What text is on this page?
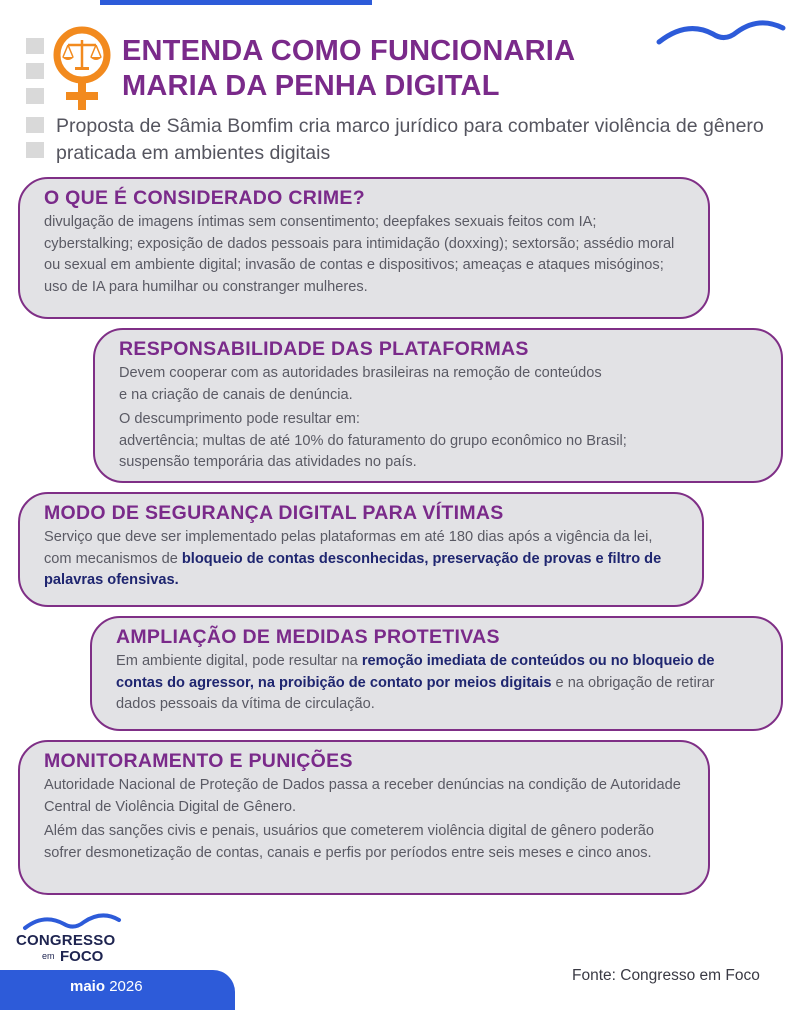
ENTENDA COMO FUNCIONARIA
MARIA DA PENHA DIGITAL

Proposta de Sâmia Bomfim cria marco jurídico para combater violência de gênero praticada em ambientes digitais

O QUE É CONSIDERADO CRIME?

divulgação de imagens íntimas sem consentimento; deepfakes sexuais feitos com IA; cyberstalking; exposição de dados pessoais para intimidação (doxxing); sextorsão; assédio moral ou sexual em ambiente digital; invasão de contas e dispositivos; ameaças e ataques misóginos; uso de IA para humilhar ou constranger mulheres.

RESPONSABILIDADE DAS PLATAFORMAS

Devem cooperar com as autoridades brasileiras na remoção de conteúdos
e na criação de canais de denúncia.

O descumprimento pode resultar em:
advertência; multas de até 10% do faturamento do grupo econômico no Brasil;
suspensão temporária das atividades no país.

MODO DE SEGURANÇA DIGITAL PARA VÍTIMAS

Serviço que deve ser implementado pelas plataformas em até 180 dias após a vigência da lei, com mecanismos de bloqueio de contas desconhecidas, preservação de provas e filtro de palavras ofensivas.

AMPLIAÇÃO DE MEDIDAS PROTETIVAS

Em ambiente digital, pode resultar na remoção imediata de conteúdos ou no bloqueio de contas do agressor, na proibição de contato por meios digitais e na obrigação de retirar dados pessoais da vítima de circulação.

MONITORAMENTO E PUNIÇÕES

Autoridade Nacional de Proteção de Dados passa a receber denúncias na condição de Autoridade Central de Violência Digital de Gênero.

Além das sanções civis e penais, usuários que cometerem violência digital de gênero poderão sofrer desmonetização de contas, canais e perfis por períodos entre seis meses e cinco anos.

CONGRESSO
em FOCO
maio 2026
Fonte: Congresso em Foco
